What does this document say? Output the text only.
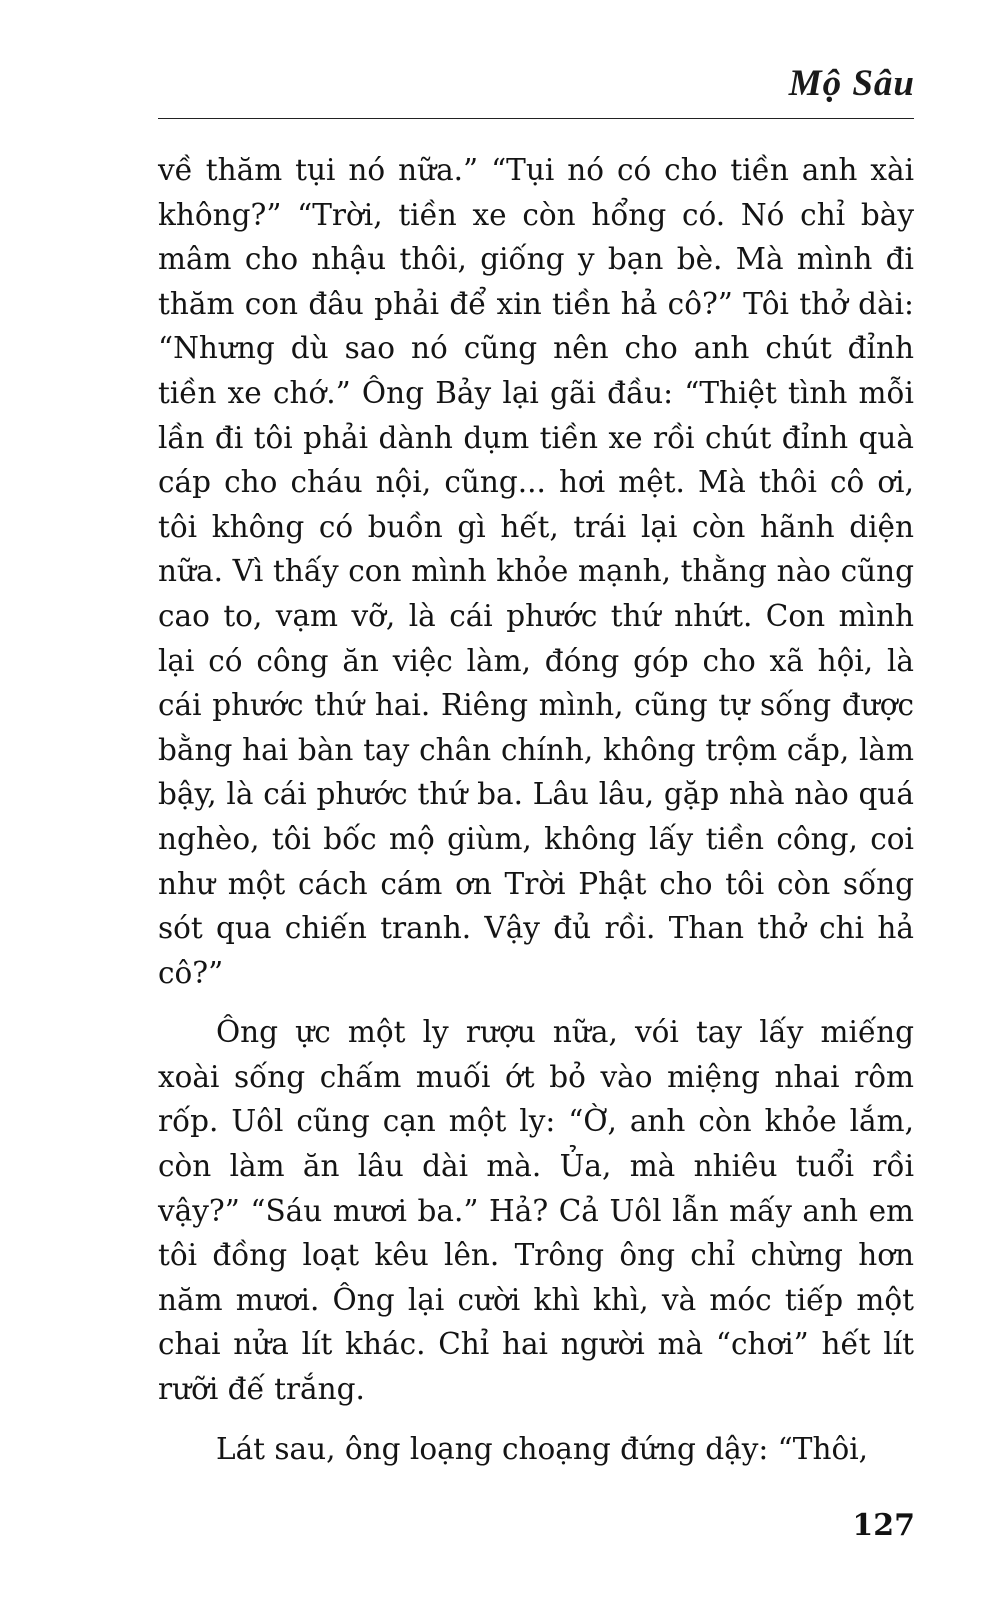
Mộ Sâu

về thăm tụi nó nữa.” “Tụi nó có cho tiền anh xài không?” “Trời, tiền xe còn hổng có. Nó chỉ bày mâm cho nhậu thôi, giống y bạn bè. Mà mình đi thăm con đâu phải để xin tiền hả cô?” Tôi thở dài: “Nhưng dù sao nó cũng nên cho anh chút đỉnh tiền xe chớ.” Ông Bảy lại gãi đầu: “Thiệt tình mỗi lần đi tôi phải dành dụm tiền xe rồi chút đỉnh quà cáp cho cháu nội, cũng... hơi mệt. Mà thôi cô ơi, tôi không có buồn gì hết, trái lại còn hãnh diện nữa. Vì thấy con mình khỏe mạnh, thằng nào cũng cao to, vạm vỡ, là cái phước thứ nhứt. Con mình lại có công ăn việc làm, đóng góp cho xã hội, là cái phước thứ hai. Riêng mình, cũng tự sống được bằng hai bàn tay chân chính, không trộm cắp, làm bậy, là cái phước thứ ba. Lâu lâu, gặp nhà nào quá nghèo, tôi bốc mộ giùm, không lấy tiền công, coi như một cách cám ơn Trời Phật cho tôi còn sống sót qua chiến tranh. Vậy đủ rồi. Than thở chi hả cô?”

Ông ực một ly rượu nữa, vói tay lấy miếng xoài sống chấm muối ớt bỏ vào miệng nhai rôm rốp. Uôl cũng cạn một ly: “Ờ, anh còn khỏe lắm, còn làm ăn lâu dài mà. Ủa, mà nhiêu tuổi rồi vậy?” “Sáu mươi ba.” Hả? Cả Uôl lẫn mấy anh em tôi đồng loạt kêu lên. Trông ông chỉ chừng hơn năm mươi. Ông lại cười khì khì, và móc tiếp một chai nửa lít khác. Chỉ hai người mà “chơi” hết lít rưỡi đế trắng.

Lát sau, ông loạng choạng đứng dậy: “Thôi,

127
